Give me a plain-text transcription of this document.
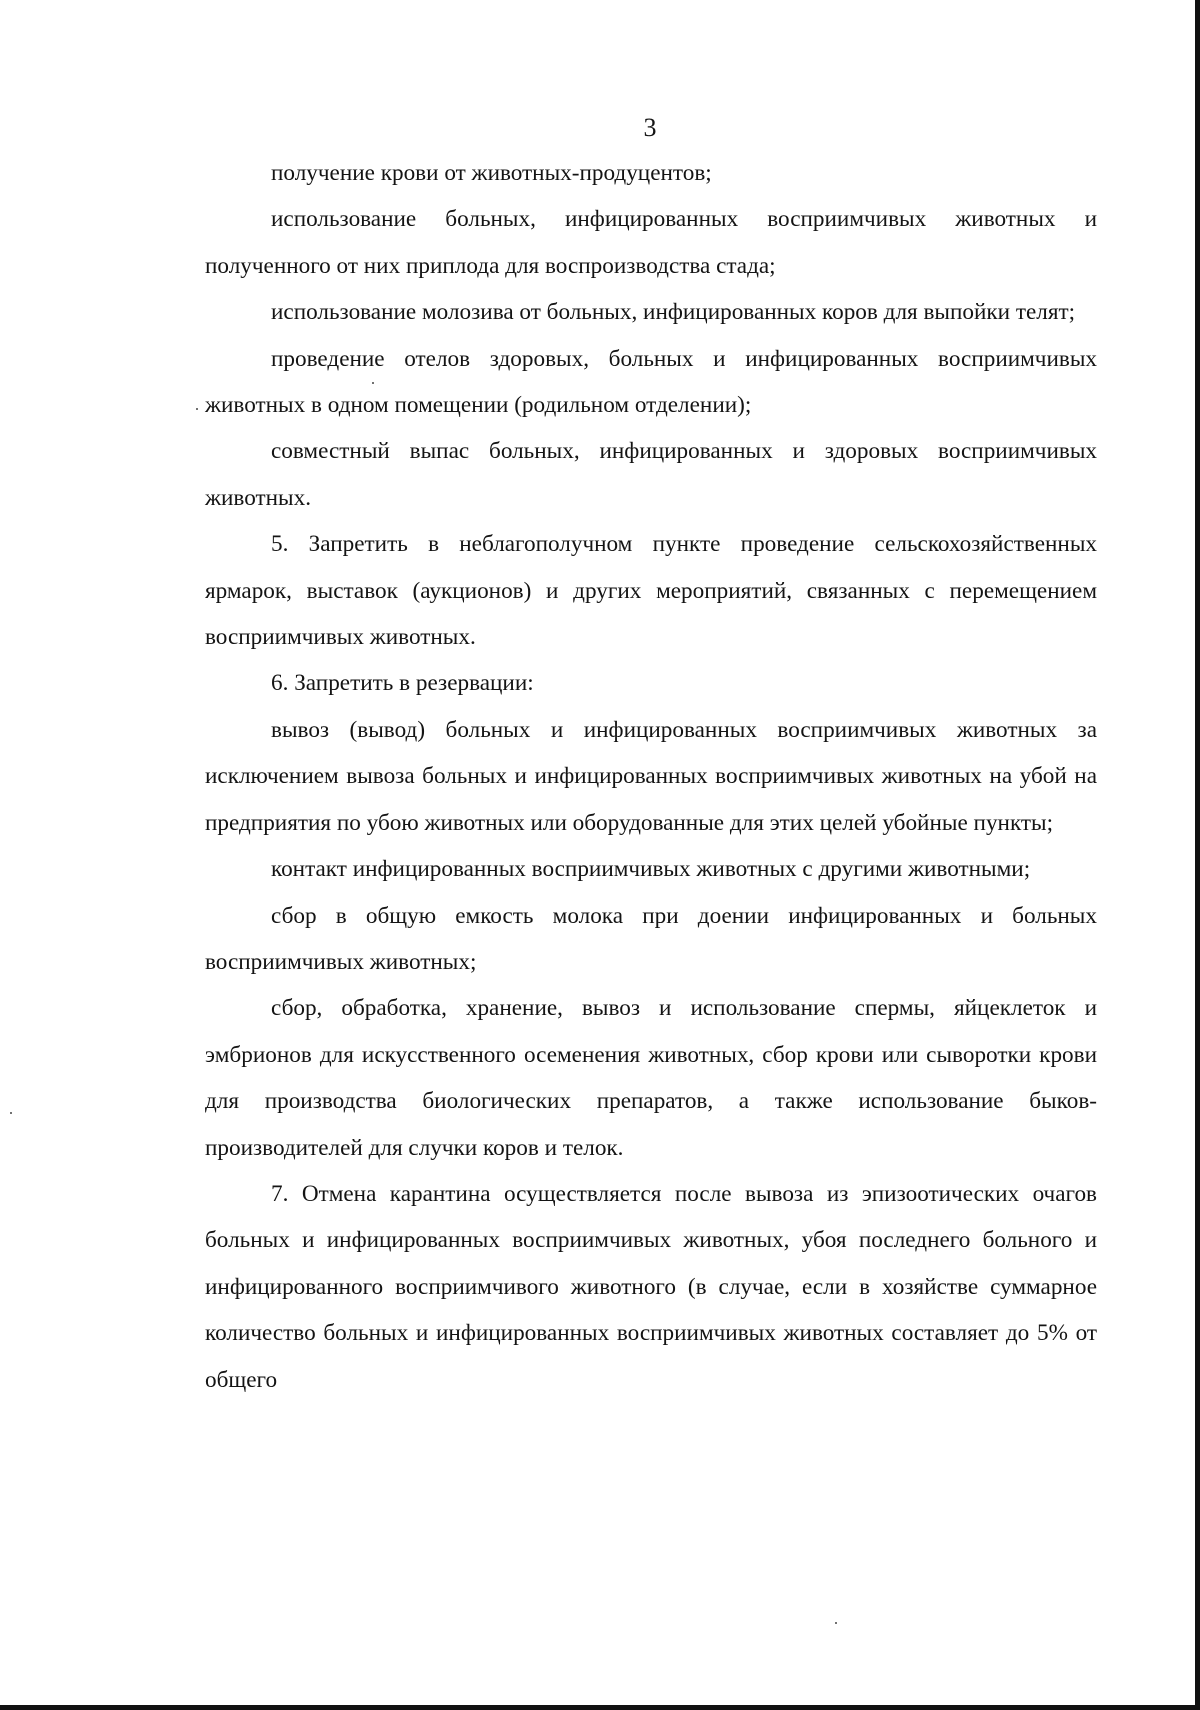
3

получение крови от животных-продуцентов;

использование больных, инфицированных восприимчивых животных и полученного от них приплода для воспроизводства стада;

использование молозива от больных, инфицированных коров для выпойки телят;

проведение отелов здоровых, больных и инфицированных восприимчивых животных в одном помещении (родильном отделении);

совместный выпас больных, инфицированных и здоровых восприимчивых животных.

5. Запретить в неблагополучном пункте проведение сельскохозяйственных ярмарок, выставок (аукционов) и других мероприятий, связанных с перемещением восприимчивых животных.

6. Запретить в резервации:

вывоз (вывод) больных и инфицированных восприимчивых животных за исключением вывоза больных и инфицированных восприимчивых животных на убой на предприятия по убою животных или оборудованные для этих целей убойные пункты;

контакт инфицированных восприимчивых животных с другими животными;

сбор в общую емкость молока при доении инфицированных и больных восприимчивых животных;

сбор, обработка, хранение, вывоз и использование спермы, яйцеклеток и эмбрионов для искусственного осеменения животных, сбор крови или сыворотки крови для производства биологических препаратов, а также использование быков-производителей для случки коров и телок.

7. Отмена карантина осуществляется после вывоза из эпизоотических очагов больных и инфицированных восприимчивых животных, убоя последнего больного и инфицированного восприимчивого животного (в случае, если в хозяйстве суммарное количество больных и инфицированных восприимчивых животных составляет до 5% от общего
